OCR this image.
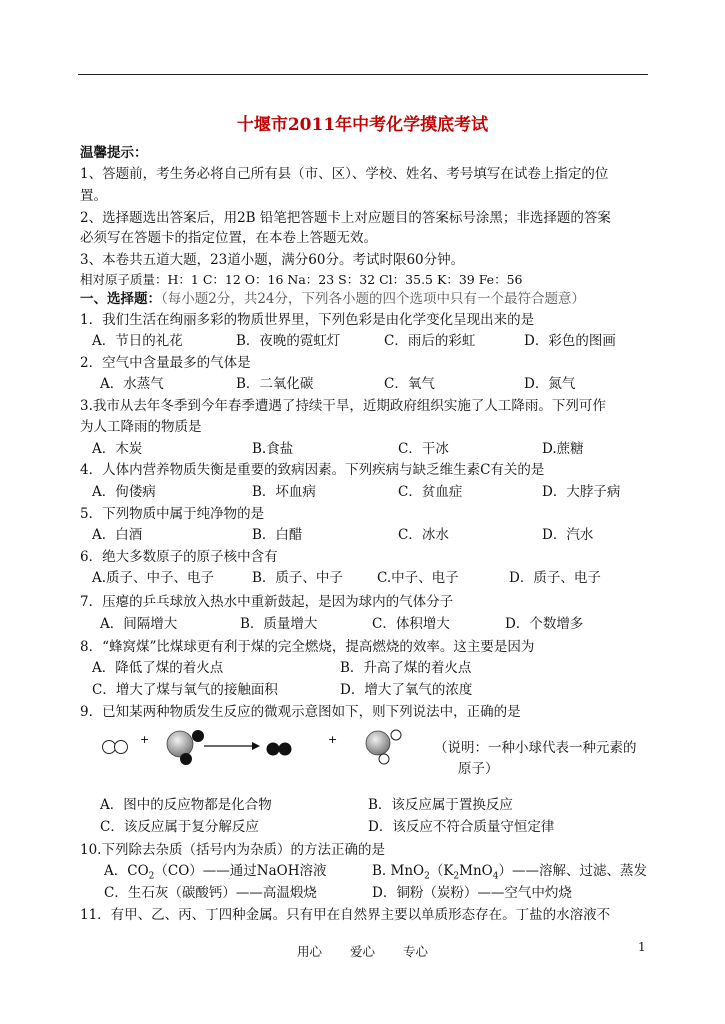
十堰市2011年中考化学摸底考试
温馨提示：
1、答题前，考生务必将自己所有县（市、区）、学校、姓名、考号填写在试卷上指定的位
置。
2、选择题选出答案后，用2B 铅笔把答题卡上对应题目的答案标号涂黑；非选择题的答案
必须写在答题卡的指定位置，在本卷上答题无效。
3、本卷共五道大题，23道小题，满分60分。考试时限60分钟。
相对原子质量：H：1 C：12 O：16 Na：23 S：32 Cl：35.5 K：39 Fe：56
一、选择题：（每小题2分，共24分，下列各小题的四个选项中只有一个最符合题意）
1．我们生活在绚丽多彩的物质世界里，下列色彩是由化学变化呈现出来的是
A．节日的礼花	B．夜晚的霓虹灯	C．雨后的彩虹	D．彩色的图画
2．空气中含量最多的气体是
A．水蒸气	B．二氧化碳	C．氧气	D．氮气
3.我市从去年冬季到今年春季遭遇了持续干旱，近期政府组织实施了人工降雨。下列可作
为人工降雨的物质是
A．木炭	B.食盐	C．干冰	D.蔗糖
4．人体内营养物质失衡是重要的致病因素。下列疾病与缺乏维生素C有关的是
A．佝偻病	B．坏血病	C．贫血症	D．大脖子病
5．下列物质中属于纯净物的是
A．白酒	B．白醋	C．冰水	D．汽水
6．绝大多数原子的原子核中含有
A.质子、中子、电子	B．质子、中子	C.中子、电子	D．质子、电子
7．压瘪的乒乓球放入热水中重新鼓起，是因为球内的气体分子
A．间隔增大	B．质量增大	C．体积增大	D．个数增多
8．“蜂窝煤”比煤球更有利于煤的完全燃烧，提高燃烧的效率。这主要是因为
A．降低了煤的着火点	B．升高了煤的着火点
C．增大了煤与氧气的接触面积	D．增大了氧气的浓度
9．已知某两种物质发生反应的微观示意图如下，则下列说法中，正确的是
+	+
（说明：一种小球代表一种元素的
原子）
A．图中的反应物都是化合物	B．该反应属于置换反应
C．该反应属于复分解反应	D．该反应不符合质量守恒定律
10.下列除去杂质（括号内为杂质）的方法正确的是
A．$CO_2(CO)——$通过NaOH溶液	B. $MnO_2(K_2MnO_4)——$溶解、过滤、蒸发
C．生石灰（碳酸钙）——高温煅烧	D．铜粉（炭粉）——空气中灼烧
11．有甲、乙、丙、丁四种金属。只有甲在自然界主要以单质形态存在。丁盐的水溶液不
用心 爱心 专心	1
